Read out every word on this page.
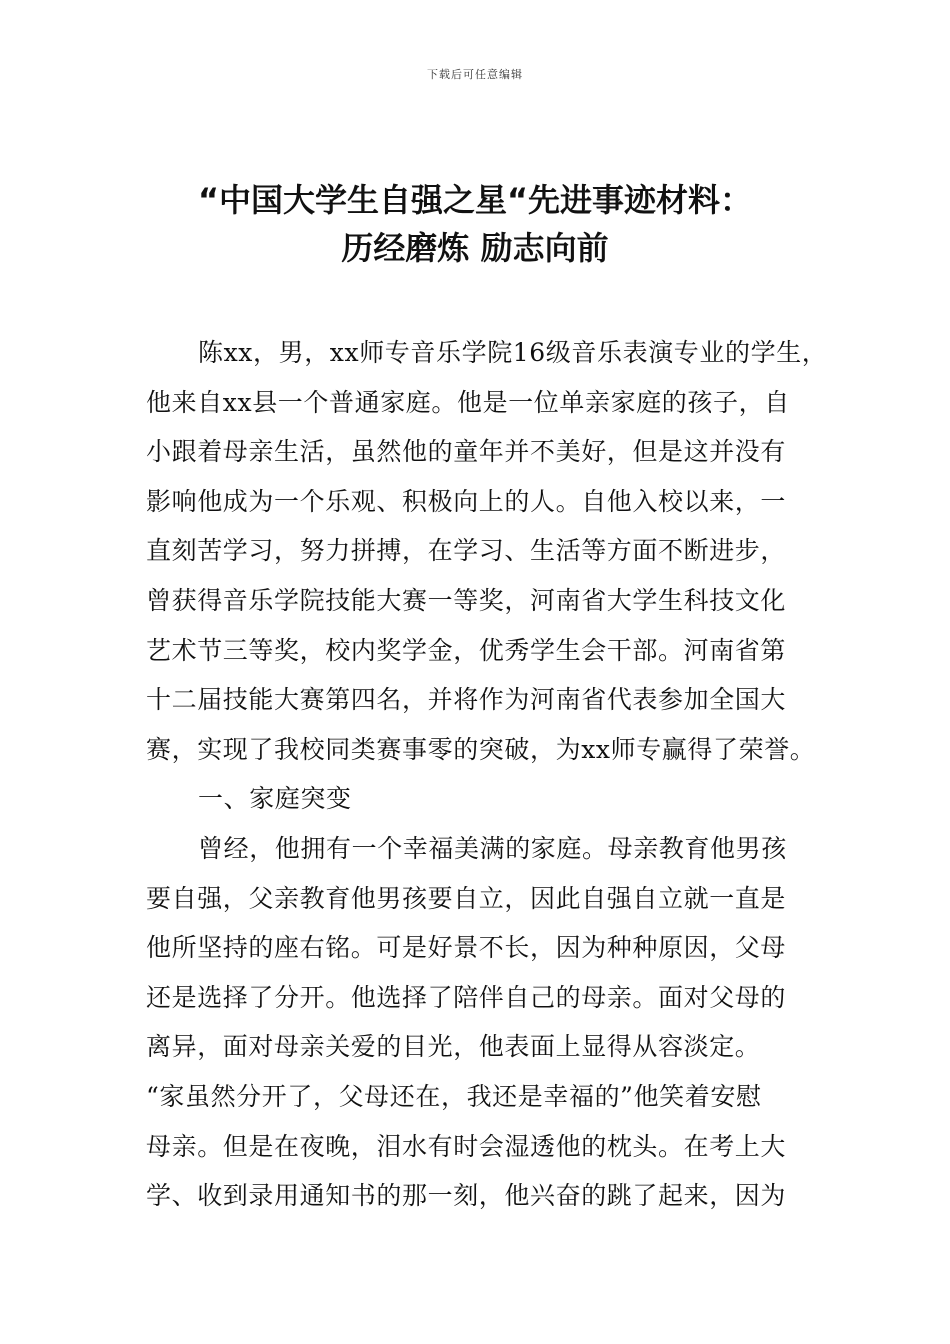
下载后可任意编辑
“中国大学生自强之星“先进事迹材料：
历经磨炼 励志向前
陈xx，男，xx师专音乐学院16级音乐表演专业的学生，
他来自xx县一个普通家庭。他是一位单亲家庭的孩子，自
小跟着母亲生活，虽然他的童年并不美好，但是这并没有
影响他成为一个乐观、积极向上的人。自他入校以来，一
直刻苦学习，努力拼搏，在学习、生活等方面不断进步，
曾获得音乐学院技能大赛一等奖，河南省大学生科技文化
艺术节三等奖，校内奖学金，优秀学生会干部。河南省第
十二届技能大赛第四名，并将作为河南省代表参加全国大
赛，实现了我校同类赛事零的突破，为xx师专赢得了荣誉。
一、家庭突变
曾经，他拥有一个幸福美满的家庭。母亲教育他男孩
要自强，父亲教育他男孩要自立，因此自强自立就一直是
他所坚持的座右铭。可是好景不长，因为种种原因，父母
还是选择了分开。他选择了陪伴自己的母亲。面对父母的
离异，面对母亲关爱的目光，他表面上显得从容淡定。
“家虽然分开了，父母还在，我还是幸福的”他笑着安慰
母亲。但是在夜晚，泪水有时会湿透他的枕头。在考上大
学、收到录用通知书的那一刻，他兴奋的跳了起来，因为
